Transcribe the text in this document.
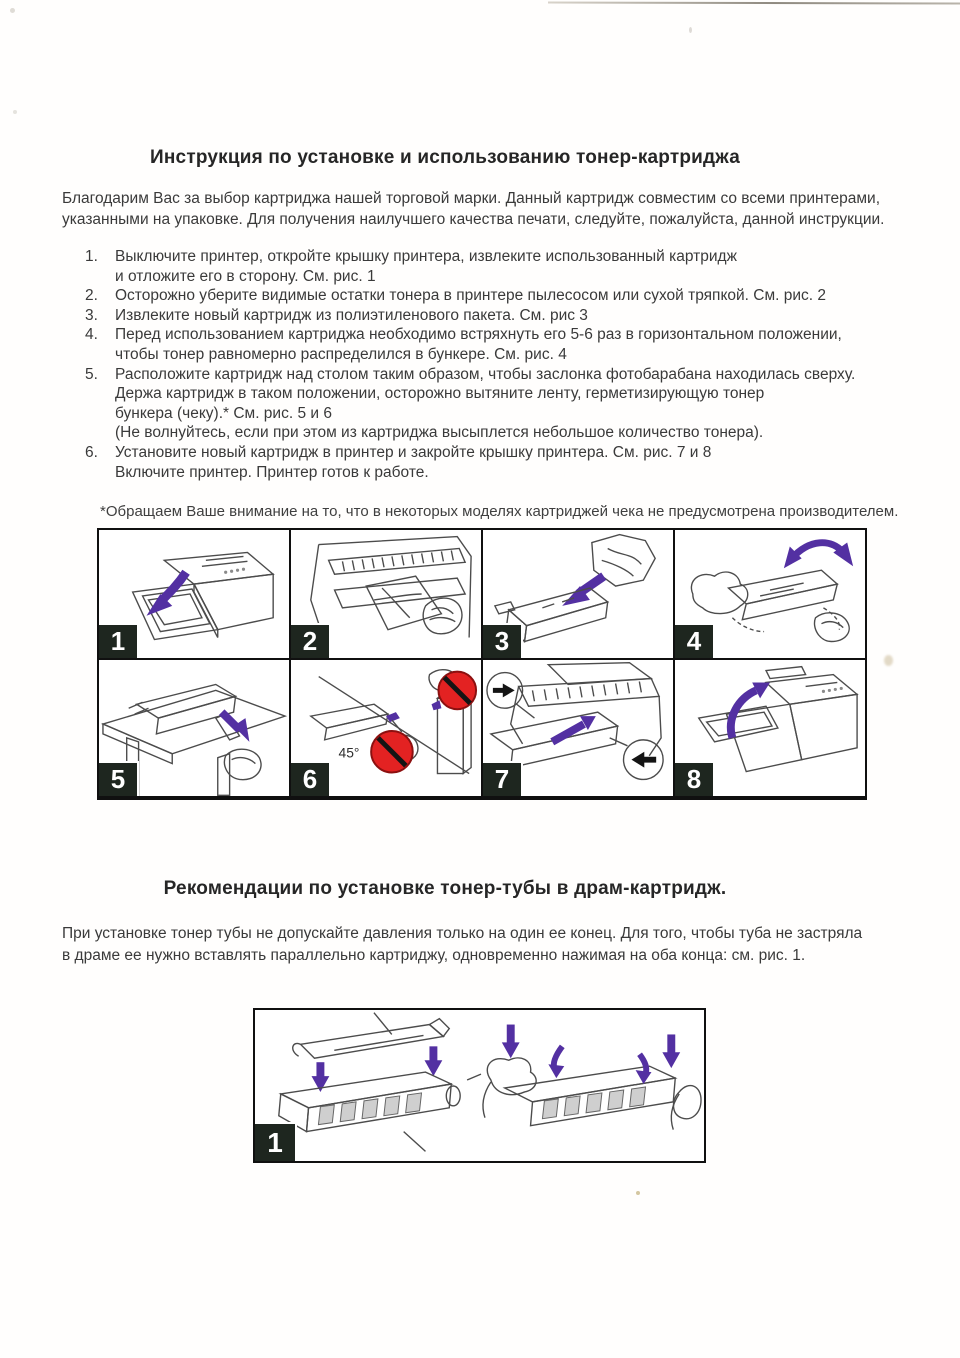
Инструкция по установке и использованию тонер-картриджа
Благодарим Вас за выбор картриджа нашей торговой марки. Данный картридж совместим со всеми принтерами,
указанными на упаковке. Для получения наилучшего качества печати, следуйте, пожалуйста, данной инструкции.
1.	Выключите принтер, откройте крышку принтера, извлеките использованный картридж
и отложите его в сторону. См. рис. 1
2.	Осторожно уберите видимые остатки тонера в принтере пылесосом или сухой тряпкой. См. рис. 2
3.	Извлеките новый картридж из полиэтиленового пакета. См. рис 3
4.	Перед использованием картриджа необходимо встряхнуть его 5-6 раз в горизонтальном положении,
чтобы тонер равномерно распределился в бункере. См. рис. 4
5.	Расположите картридж над столом таким образом, чтобы заслонка фотобарабана находилась сверху.
Держа картридж в таком положении, осторожно вытяните ленту, герметизирующую тонер
бункера (чеку).* См. рис. 5 и 6
(Не волнуйтесь, если при этом из картриджа высыплется небольшое количество тонера).
6.	Установите новый картридж в принтер и закройте крышку принтера. См. рис. 7 и 8
Включите принтер. Принтер готов к работе.
*Обращаем Ваше внимание на то, что в некоторых моделях картриджей чека не предусмотрена производителем.
1	2	3	4
5
45°
6	7	8
Рекомендации по установке тонер-тубы в драм-картридж.
При установке тонер тубы не допускайте давления только на один ее конец. Для того, чтобы туба не застряла
в драме ее нужно вставлять параллельно картриджу, одновременно нажимая на оба конца: см. рис. 1.
1
